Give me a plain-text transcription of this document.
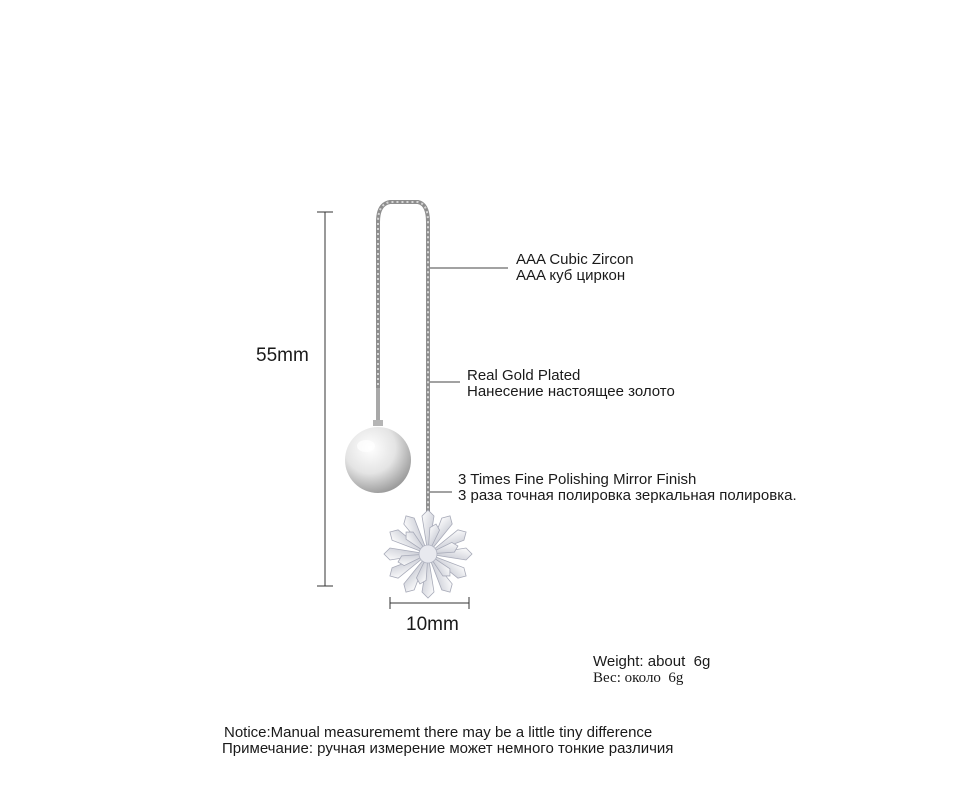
55mm
10mm
AAA Cubic Zircon
AAA куб циркон
Real Gold Plated
Нанесение настоящее золото
3 Times Fine Polishing Mirror Finish
3 раза точная полировка зеркальная полировка.
Weight: about  6g
Вес: около  6g
Notice:Manual measurememt there may be a little tiny difference
Примечание: ручная измерение может немного тонкие различия
